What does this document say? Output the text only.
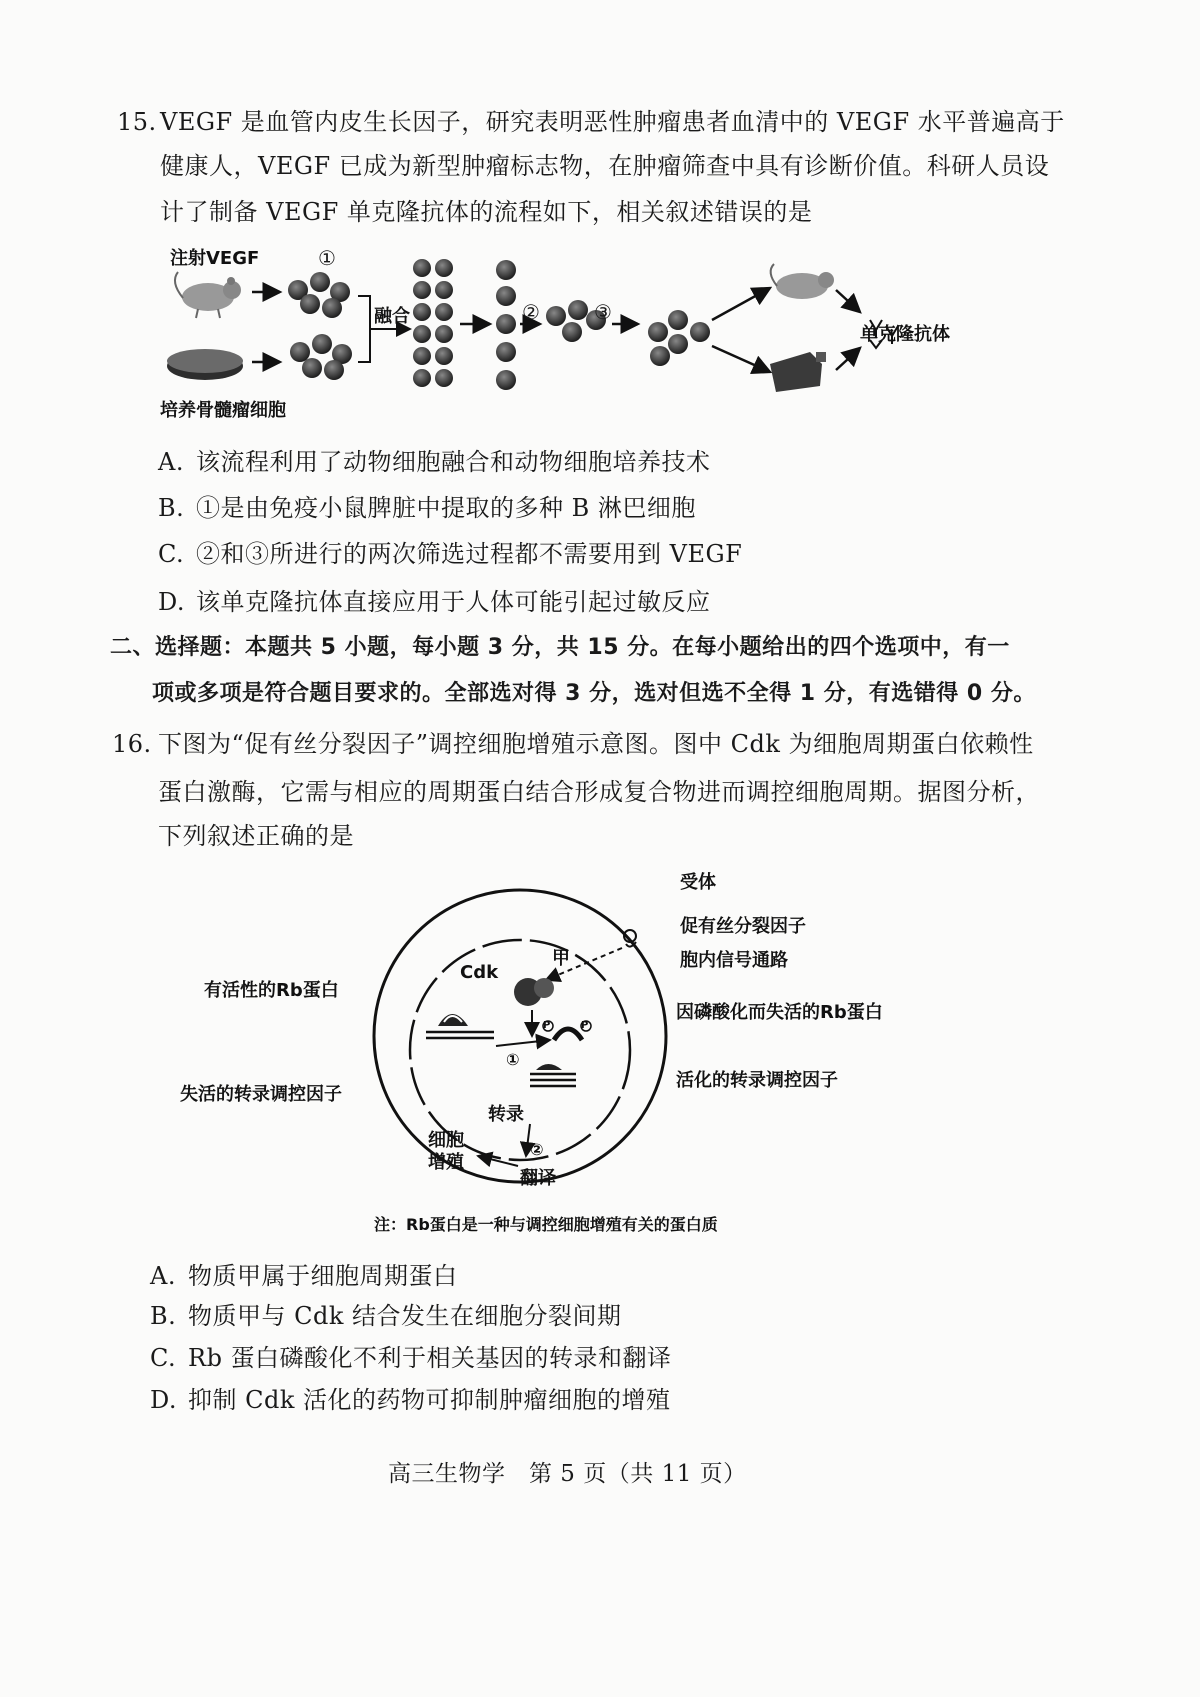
15. VEGF 是血管内皮生长因子，研究表明恶性肿瘤患者血清中的 VEGF 水平普遍高于
健康人，VEGF 已成为新型肿瘤标志物，在肿瘤筛查中具有诊断价值。科研人员设
计了制备 VEGF 单克隆抗体的流程如下，相关叙述错误的是
注射VEGF
培养骨髓瘤细胞
融合
①
②	③
单克隆抗体
A. 该流程利用了动物细胞融合和动物细胞培养技术
B. ①是由免疫小鼠脾脏中提取的多种 B 淋巴细胞
C. ②和③所进行的两次筛选过程都不需要用到 VEGF
D. 该单克隆抗体直接应用于人体可能引起过敏反应
二、选择题：本题共 5 小题，每小题 3 分，共 15 分。在每小题给出的四个选项中，有一
项或多项是符合题目要求的。全部选对得 3 分，选对但选不全得 1 分，有选错得 0 分。
16. 下图为“促有丝分裂因子”调控细胞增殖示意图。图中 Cdk 为细胞周期蛋白依赖性
蛋白激酶，它需与相应的周期蛋白结合形成复合物进而调控细胞周期。据图分析，
下列叙述正确的是
受体
促有丝分裂因子
胞内信号通路
有活性的Rb蛋白
因磷酸化而失活的Rb蛋白
失活的转录调控因子
活化的转录调控因子
Cdk
甲
转录
翻译
细胞
增殖
①
②
P	P
注：Rb蛋白是一种与调控细胞增殖有关的蛋白质
A. 物质甲属于细胞周期蛋白
B. 物质甲与 Cdk 结合发生在细胞分裂间期
C. Rb 蛋白磷酸化不利于相关基因的转录和翻译
D. 抑制 Cdk 活化的药物可抑制肿瘤细胞的增殖
高三生物学　第 5 页（共 11 页）
